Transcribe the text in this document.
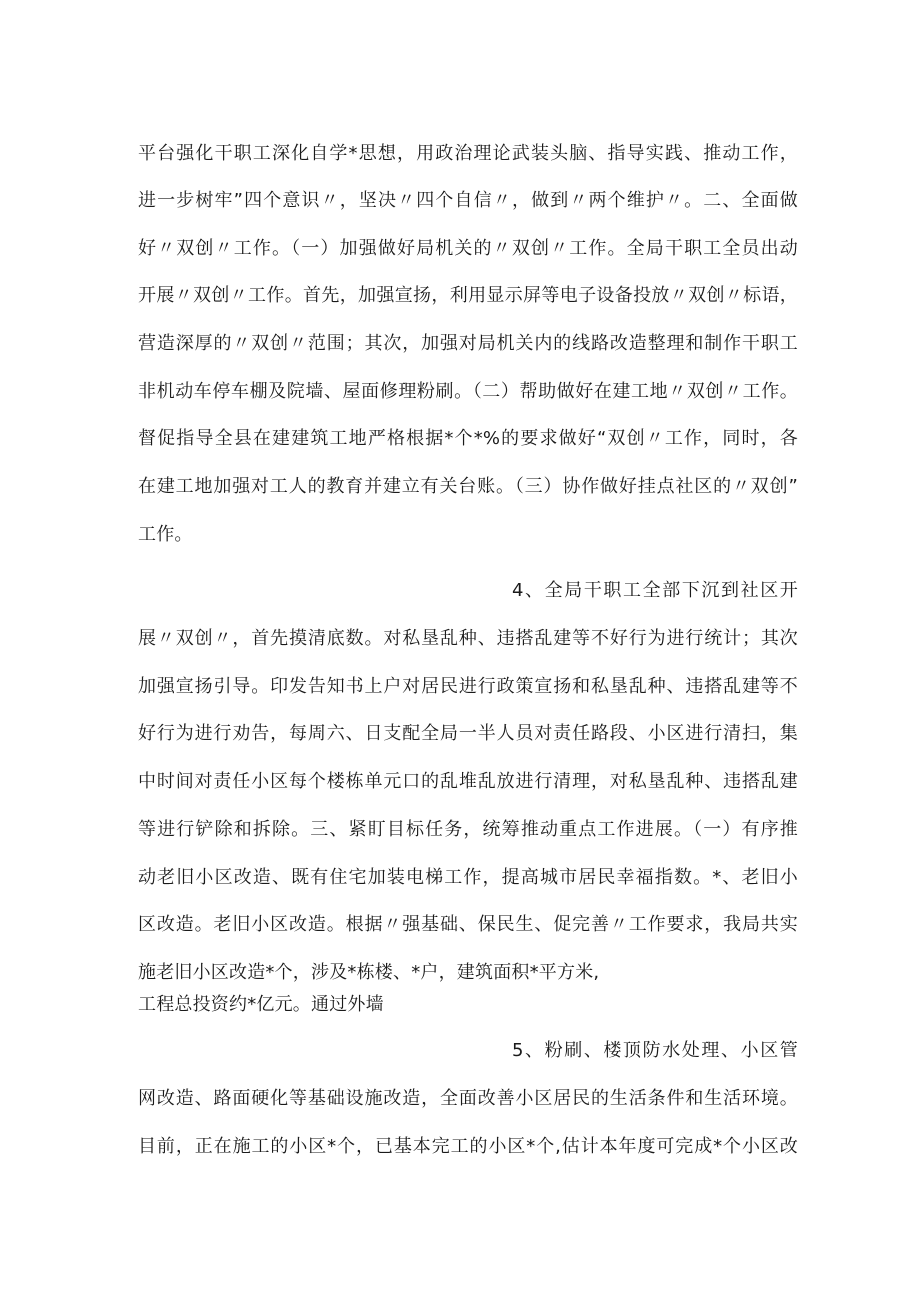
平台强化干职工深化自学*思想，用政治理论武装头脑、指导实践、推动工作，
进一步树牢”四个意识〃，坚决〃四个自信〃，做到〃两个维护〃。二、全面做
好〃双创〃工作。（一）加强做好局机关的〃双创〃工作。全局干职工全员出动
开展〃双创〃工作。首先，加强宣扬，利用显示屏等电子设备投放〃双创〃标语，
营造深厚的〃双创〃范围；其次，加强对局机关内的线路改造整理和制作干职工
非机动车停车棚及院墙、屋面修理粉刷。（二）帮助做好在建工地〃双创〃工作。
督促指导全县在建建筑工地严格根据*个*%的要求做好“双创〃工作，同时，各
在建工地加强对工人的教育并建立有关台账。（三）协作做好挂点社区的〃双创”
工作。
4、全局干职工全部下沉到社区开
展〃双创〃，首先摸清底数。对私垦乱种、违搭乱建等不好行为进行统计；其次
加强宣扬引导。印发告知书上户对居民进行政策宣扬和私垦乱种、违搭乱建等不
好行为进行劝告，每周六、日支配全局一半人员对责任路段、小区进行清扫，集
中时间对责任小区每个楼栋单元口的乱堆乱放进行清理，对私垦乱种、违搭乱建
等进行铲除和拆除。三、紧盯目标任务，统筹推动重点工作进展。（一）有序推
动老旧小区改造、既有住宅加装电梯工作，提高城市居民幸福指数。*、老旧小
区改造。老旧小区改造。根据〃强基础、保民生、促完善〃工作要求，我局共实
施老旧小区改造*个，涉及*栋楼、*户，建筑面积*平方米,
工程总投资约*亿元。通过外墙
5、粉刷、楼顶防水处理、小区管
网改造、路面硬化等基础设施改造，全面改善小区居民的生活条件和生活环境。
目前，正在施工的小区*个，已基本完工的小区*个,估计本年度可完成*个小区改
